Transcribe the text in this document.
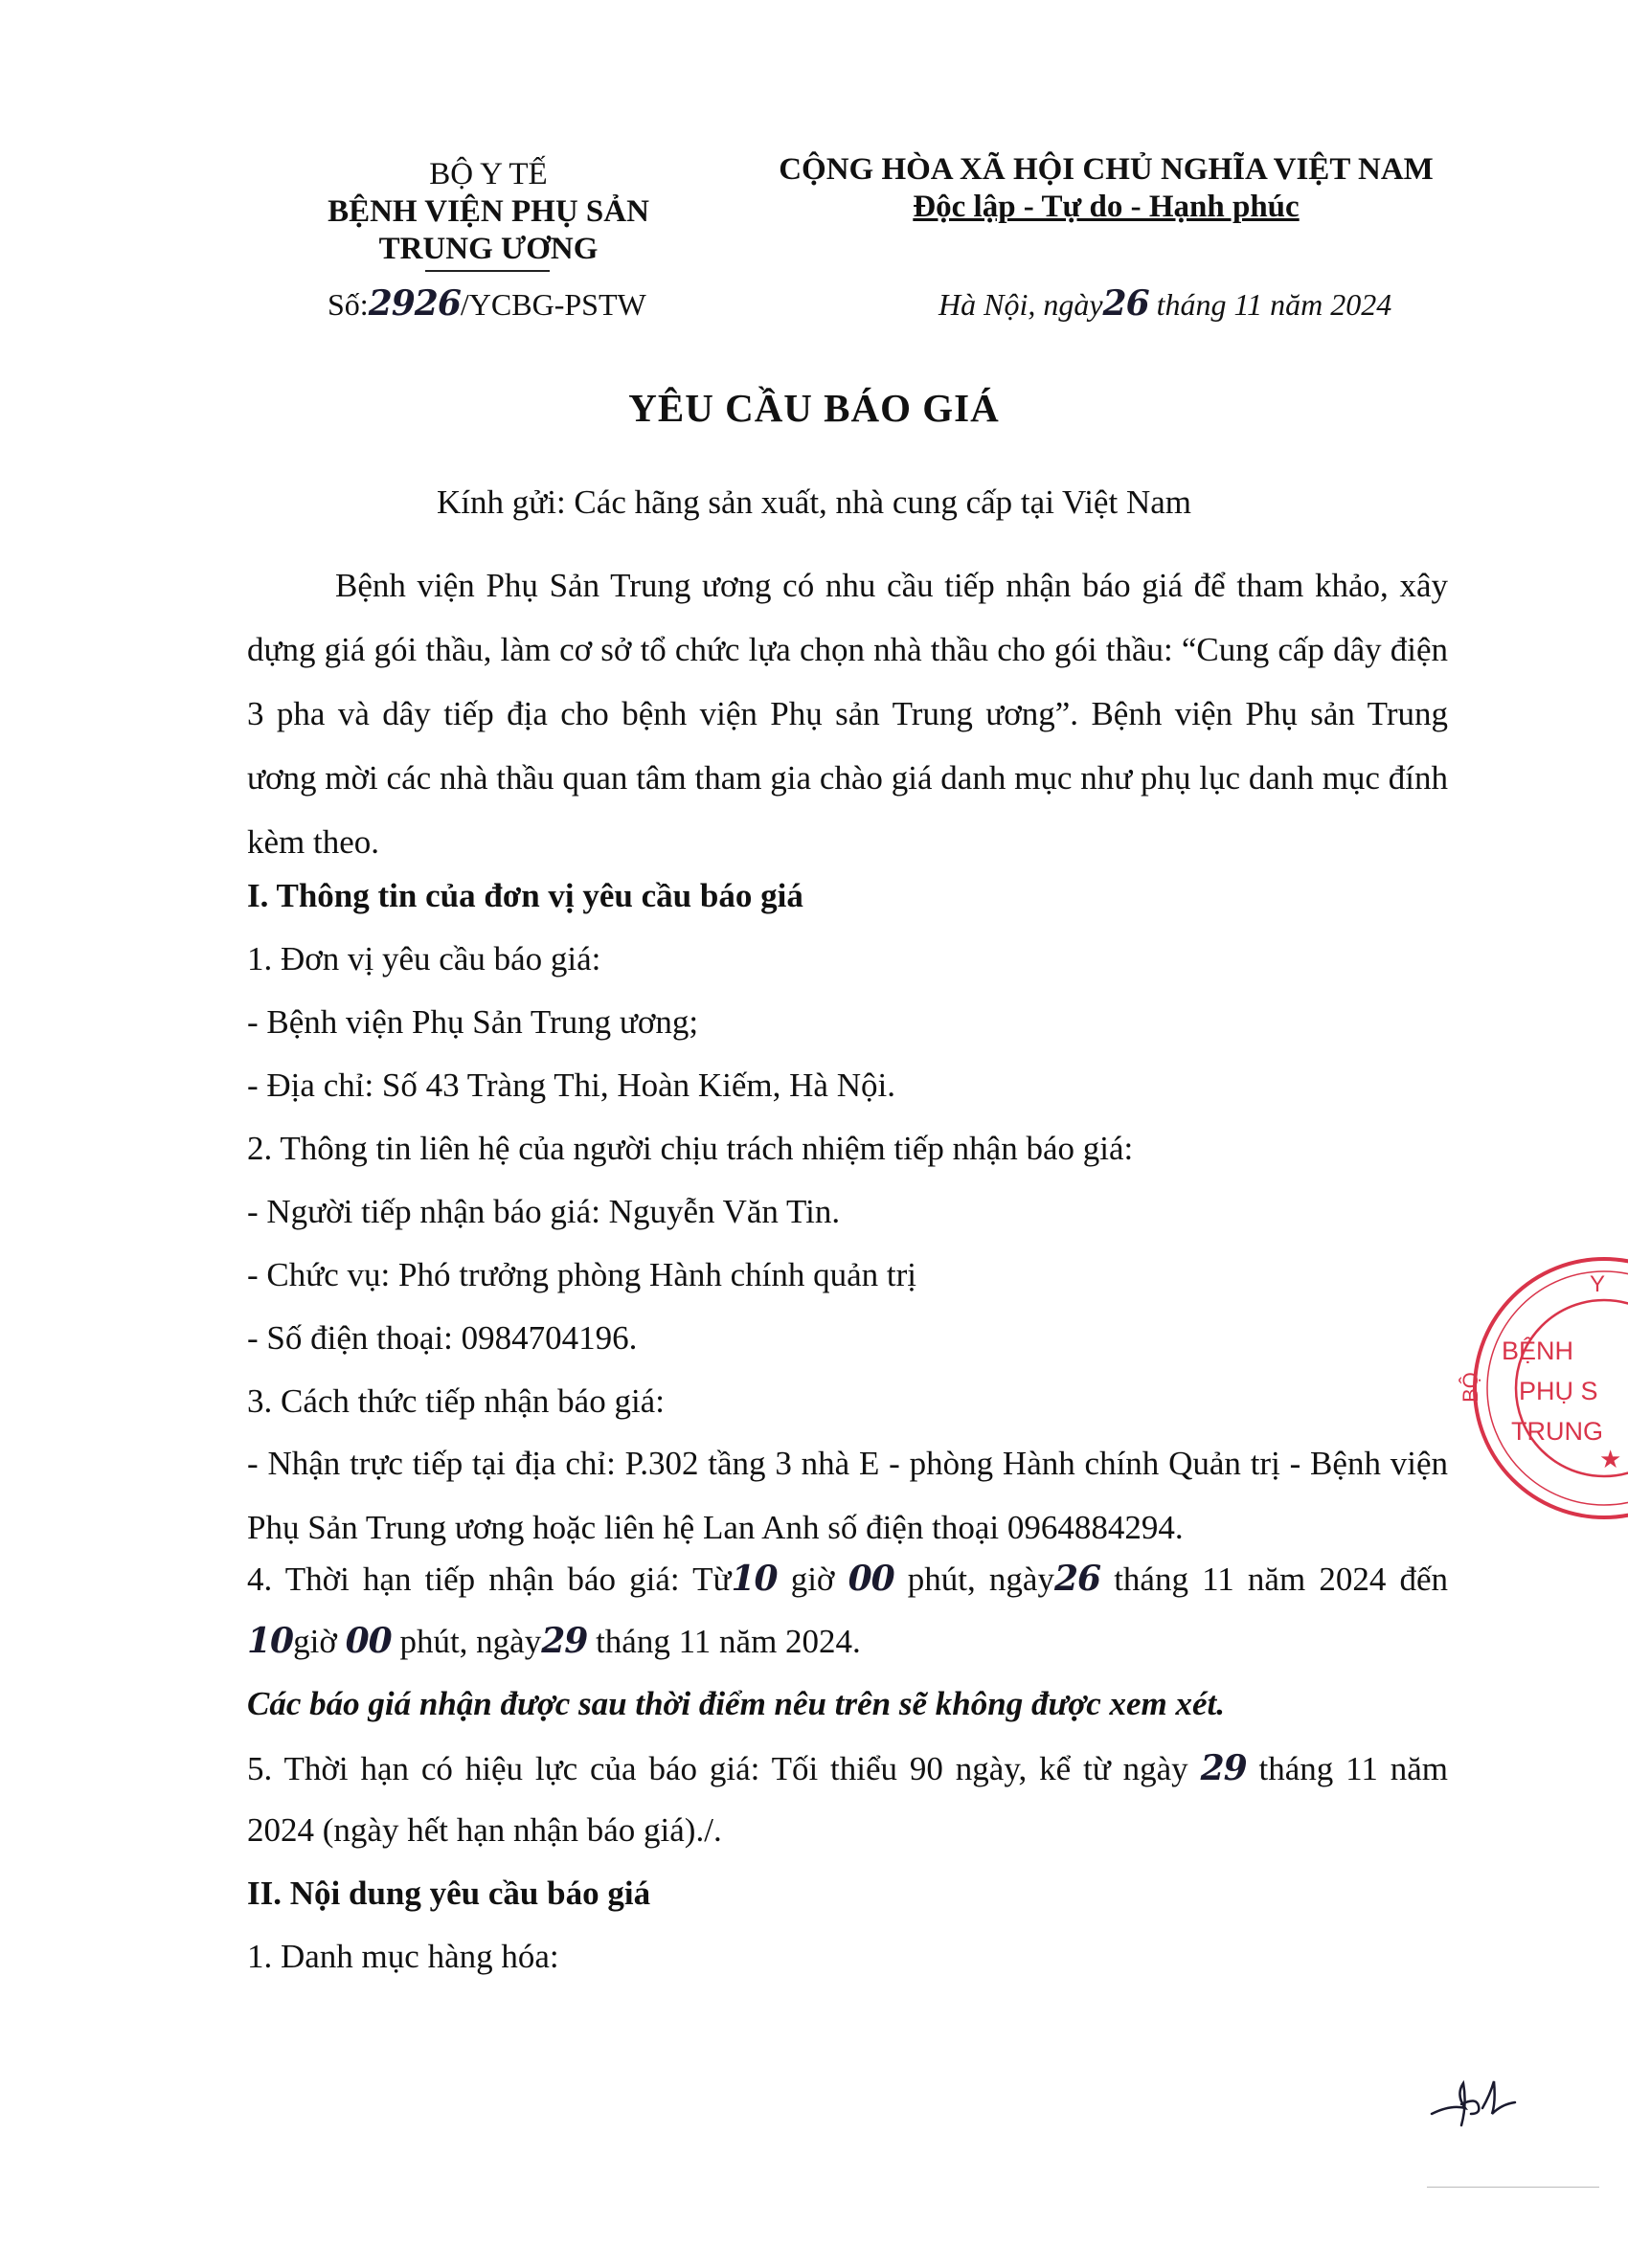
BỘ Y TẾ
BỆNH VIỆN PHỤ SẢN
TRUNG ƯƠNG
Số:2926/YCBG-PSTW
CỘNG HÒA XÃ HỘI CHỦ NGHĨA VIỆT NAM
Độc lập - Tự do - Hạnh phúc
Hà Nội, ngày26 tháng 11 năm 2024
YÊU CẦU BÁO GIÁ
Kính gửi: Các hãng sản xuất, nhà cung cấp tại Việt Nam
Bệnh viện Phụ Sản Trung ương có nhu cầu tiếp nhận báo giá để tham khảo, xây dựng giá gói thầu, làm cơ sở tổ chức lựa chọn nhà thầu cho gói thầu: “Cung cấp dây điện 3 pha và dây tiếp địa cho bệnh viện Phụ sản Trung ương”. Bệnh viện Phụ sản Trung ương mời các nhà thầu quan tâm tham gia chào giá danh mục như phụ lục danh mục đính kèm theo.
I. Thông tin của đơn vị yêu cầu báo giá
1. Đơn vị yêu cầu báo giá:
- Bệnh viện Phụ Sản Trung ương;
- Địa chỉ: Số 43 Tràng Thi, Hoàn Kiếm, Hà Nội.
2. Thông tin liên hệ của người chịu trách nhiệm tiếp nhận báo giá:
- Người tiếp nhận báo giá: Nguyễn Văn Tin.
- Chức vụ: Phó trưởng phòng Hành chính quản trị
- Số điện thoại: 0984704196.
3. Cách thức tiếp nhận báo giá:
- Nhận trực tiếp tại địa chỉ: P.302 tầng 3 nhà E - phòng Hành chính Quản trị - Bệnh viện Phụ Sản Trung ương hoặc liên hệ Lan Anh số điện thoại 0964884294.
4. Thời hạn tiếp nhận báo giá: Từ10 giờ 00 phút, ngày26 tháng 11 năm 2024 đến
10giờ 00 phút, ngày29 tháng 11 năm 2024.
Các báo giá nhận được sau thời điểm nêu trên sẽ không được xem xét.
5. Thời hạn có hiệu lực của báo giá: Tối thiểu 90 ngày, kể từ ngày 29 tháng 11 năm
2024 (ngày hết hạn nhận báo giá)./.
II. Nội dung yêu cầu báo giá
1. Danh mục hàng hóa:
★
Y
BỘ
BỆNH
PHỤ S
TRUNG
